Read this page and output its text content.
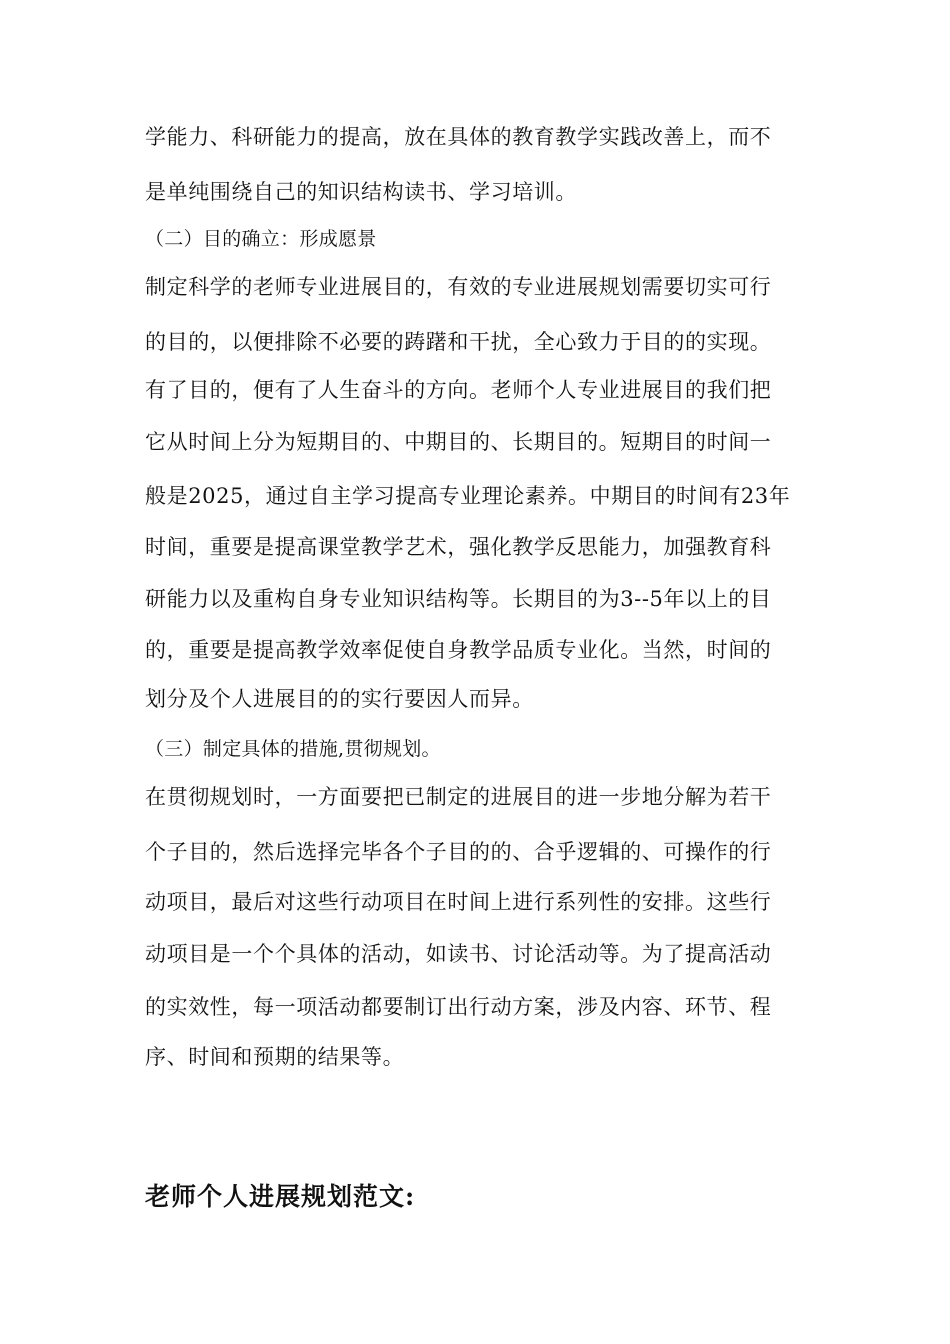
学能力、科研能力的提高，放在具体的教育教学实践改善上，而不
是单纯围绕自己的知识结构读书、学习培训。
（二）目的确立：形成愿景
制定科学的老师专业进展目的，有效的专业进展规划需要切实可行
的目的，以便排除不必要的踌躇和干扰，全心致力于目的的实现。
有了目的，便有了人生奋斗的方向。老师个人专业进展目的我们把
它从时间上分为短期目的、中期目的、长期目的。短期目的时间一
般是2025，通过自主学习提高专业理论素养。中期目的时间有23年
时间，重要是提高课堂教学艺术，强化教学反思能力，加强教育科
研能力以及重构自身专业知识结构等。长期目的为3--5年以上的目
的，重要是提高教学效率促使自身教学品质专业化。当然，时间的
划分及个人进展目的的实行要因人而异。
（三）制定具体的措施,贯彻规划。
在贯彻规划时，一方面要把已制定的进展目的进一步地分解为若干
个子目的，然后选择完毕各个子目的的、合乎逻辑的、可操作的行
动项目，最后对这些行动项目在时间上进行系列性的安排。这些行
动项目是一个个具体的活动，如读书、讨论活动等。为了提高活动
的实效性，每一项活动都要制订出行动方案，涉及内容、环节、程
序、时间和预期的结果等。
老师个人进展规划范文:
